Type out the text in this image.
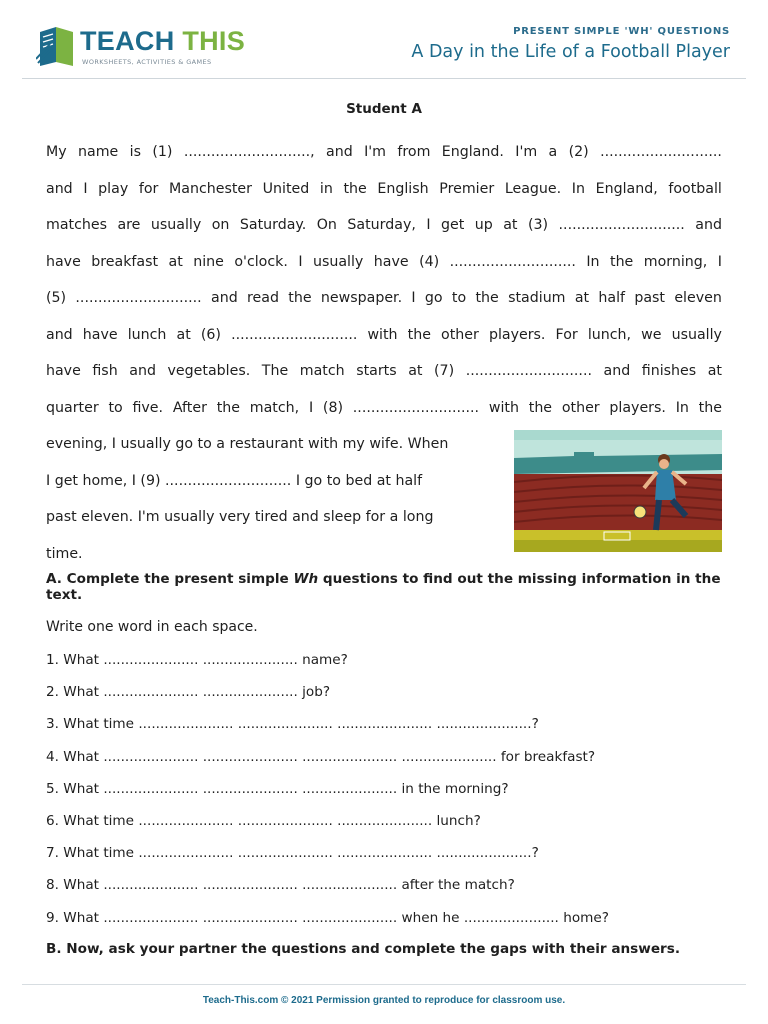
TEACH THIS
WORKSHEETS, ACTIVITIES & GAMES
PRESENT SIMPLE 'WH' QUESTIONS
A Day in the Life of a Football Player
Student A
My name is (1) ............................, and I'm from England. I'm a (2) ...........................
and I play for Manchester United in the English Premier League. In England, football
matches are usually on Saturday. On Saturday, I get up at (3) ............................ and
have breakfast at nine o'clock. I usually have (4) ............................ In the morning, I
(5) ............................ and read the newspaper. I go to the stadium at half past eleven
and have lunch at (6) ............................ with the other players. For lunch, we usually
have fish and vegetables. The match starts at (7) ............................ and finishes at
quarter to five. After the match, I (8) ............................ with the other players. In the
evening, I usually go to a restaurant with my wife. When
I get home, I (9) ............................ I go to bed at half
past eleven. I'm usually very tired and sleep for a long
time.
A. Complete the present simple Wh questions to find out the missing information in the text.
Write one word in each space.
1. What ...................... ...................... name?
2. What ...................... ...................... job?
3. What time ...................... ...................... ...................... ......................?
4. What ...................... ...................... ...................... ...................... for breakfast?
5. What ...................... ...................... ...................... in the morning?
6. What time ...................... ...................... ...................... lunch?
7. What time ...................... ...................... ...................... ......................?
8. What ...................... ...................... ...................... after the match?
9. What ...................... ...................... ...................... when he ...................... home?
B. Now, ask your partner the questions and complete the gaps with their answers.
Teach-This.com © 2021 Permission granted to reproduce for classroom use.
